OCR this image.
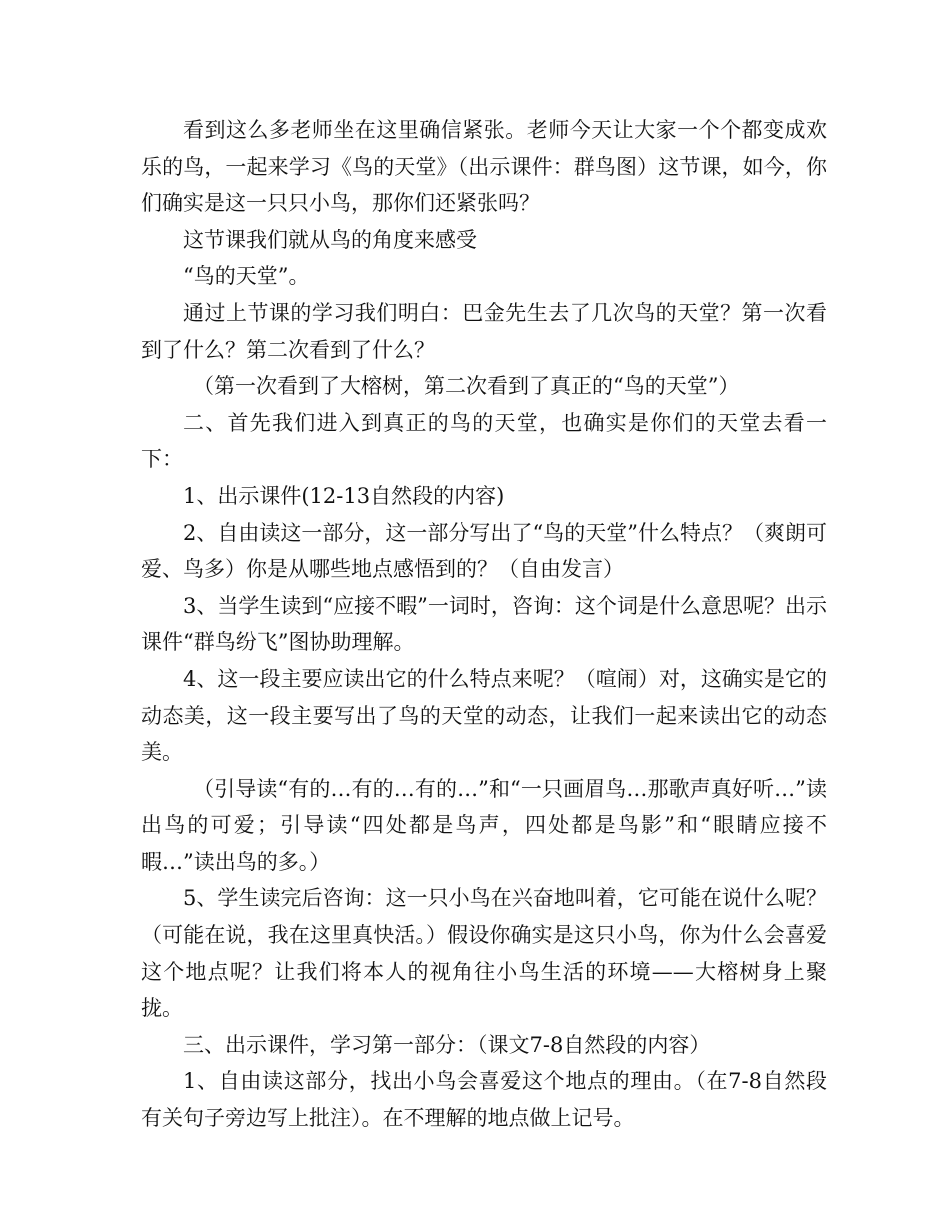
看到这么多老师坐在这里确信紧张。老师今天让大家一个个都变成欢乐的鸟，一起来学习《鸟的天堂》（出示课件：群鸟图）这节课，如今，你们确实是这一只只小鸟，那你们还紧张吗？

这节课我们就从鸟的角度来感受

“鸟的天堂”。

通过上节课的学习我们明白：巴金先生去了几次鸟的天堂？第一次看到了什么？第二次看到了什么？

（第一次看到了大榕树，第二次看到了真正的“鸟的天堂”）

二、首先我们进入到真正的鸟的天堂，也确实是你们的天堂去看一下：

1、出示课件(12-13自然段的内容)

2、自由读这一部分，这一部分写出了“鸟的天堂”什么特点？（爽朗可爱、鸟多）你是从哪些地点感悟到的？（自由发言）

3、当学生读到“应接不暇”一词时，咨询：这个词是什么意思呢？出示课件“群鸟纷飞”图协助理解。

4、这一段主要应读出它的什么特点来呢？（喧闹）对，这确实是它的动态美，这一段主要写出了鸟的天堂的动态，让我们一起来读出它的动态美。

（引导读“有的…有的…有的…”和“一只画眉鸟…那歌声真好听…”读出鸟的可爱；引导读“四处都是鸟声，四处都是鸟影”和“眼睛应接不暇…”读出鸟的多。）

5、学生读完后咨询：这一只小鸟在兴奋地叫着，它可能在说什么呢？（可能在说，我在这里真快活。）假设你确实是这只小鸟，你为什么会喜爱这个地点呢？让我们将本人的视角往小鸟生活的环境——大榕树身上聚拢。

三、出示课件，学习第一部分：（课文7-8自然段的内容）

1、自由读这部分，找出小鸟会喜爱这个地点的理由。（在7-8自然段有关句子旁边写上批注）。在不理解的地点做上记号。
